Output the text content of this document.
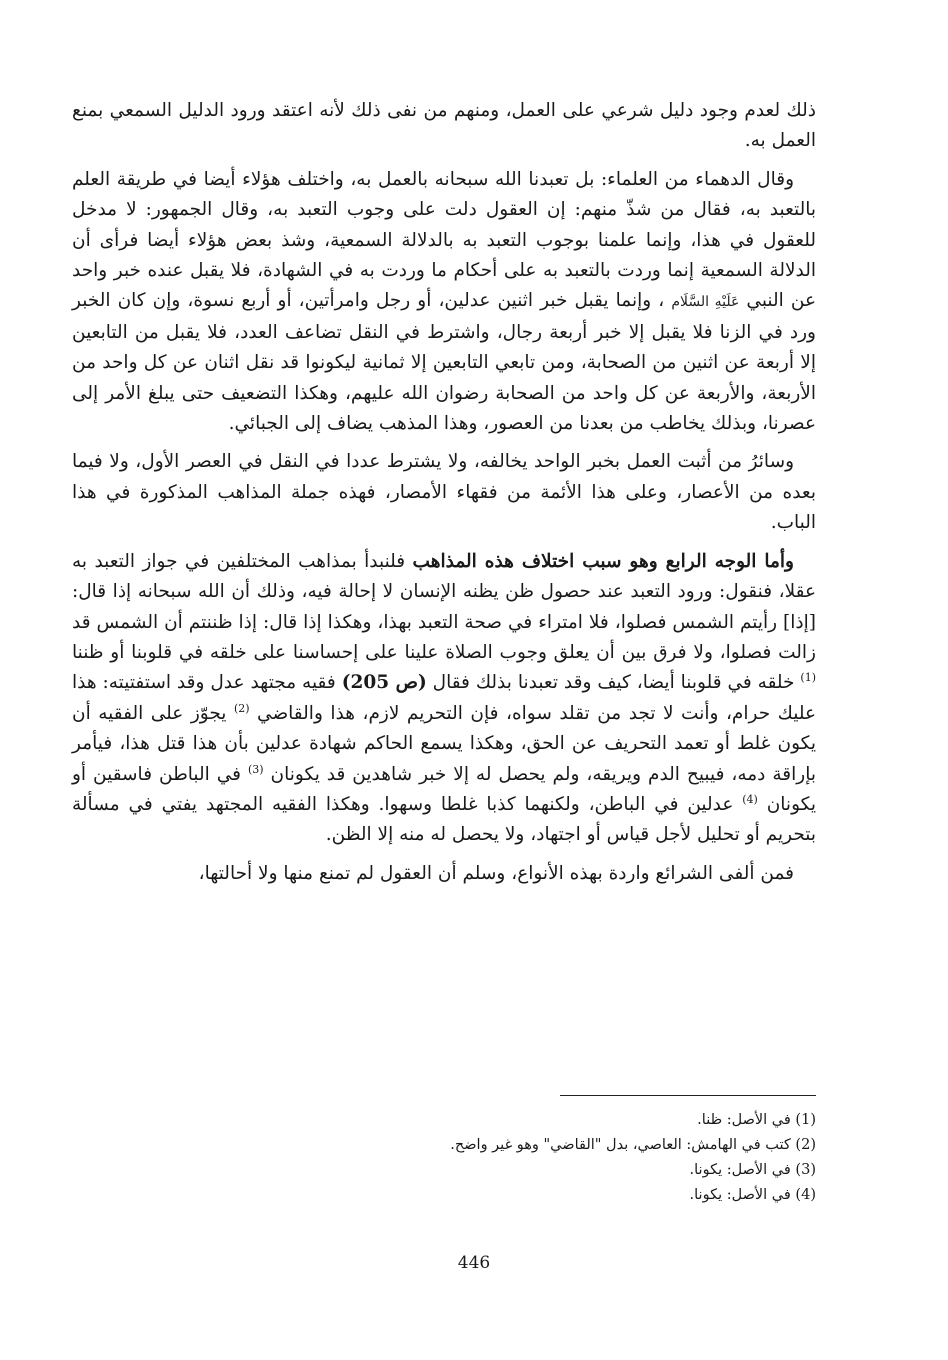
ذلك لعدم وجود دليل شرعي على العمل، ومنهم من نفى ذلك لأنه اعتقد ورود الدليل السمعي بمنع العمل به.

وقال الدهماء من العلماء: بل تعبدنا الله سبحانه بالعمل به، واختلف هؤلاء أيضا في طريقة العلم بالتعبد به، فقال من شذّ منهم: إن العقول دلت على وجوب التعبد به، وقال الجمهور: لا مدخل للعقول في هذا، وإنما علمنا بوجوب التعبد به بالدلالة السمعية، وشذ بعض هؤلاء أيضا فرأى أن الدلالة السمعية إنما وردت بالتعبد به على أحكام ما وردت به في الشهادة، فلا يقبل عنده خبر واحد عن النبي عَلَيْهِ السَّلَام ، وإنما يقبل خبر اثنين عدلين، أو رجل وامرأتين، أو أربع نسوة، وإن كان الخبر ورد في الزنا فلا يقبل إلا خبر أربعة رجال، واشترط في النقل تضاعف العدد، فلا يقبل من التابعين إلا أربعة عن اثنين من الصحابة، ومن تابعي التابعين إلا ثمانية ليكونوا قد نقل اثنان عن كل واحد من الأربعة، والأربعة عن كل واحد من الصحابة رضوان الله عليهم، وهكذا التضعيف حتى يبلغ الأمر إلى عصرنا، وبذلك يخاطب من بعدنا من العصور، وهذا المذهب يضاف إلى الجبائي.

وسائرُ من أثبت العمل بخبر الواحد يخالفه، ولا يشترط عددا في النقل في العصر الأول، ولا فيما بعده من الأعصار، وعلى هذا الأئمة من فقهاء الأمصار، فهذه جملة المذاهب المذكورة في هذا الباب.

وأما الوجه الرابع وهو سبب اختلاف هذه المذاهب فلنبدأ بمذاهب المختلفين في جواز التعبد به عقلا، فنقول: ورود التعبد عند حصول ظن يظنه الإنسان لا إحالة فيه، وذلك أن الله سبحانه إذا قال: [إذا] رأيتم الشمس فصلوا، فلا امتراء في صحة التعبد بهذا، وهكذا إذا قال: إذا ظننتم أن الشمس قد زالت فصلوا، ولا فرق بين أن يعلق وجوب الصلاة علينا على إحساسنا على خلقه في قلوبنا أو ظننا $^{(1)}$ خلقه في قلوبنا أيضا، كيف وقد تعبدنا بذلك فقال (ص 205) فقيه مجتهد عدل وقد استفتيته: هذا عليك حرام، وأنت لا تجد من تقلد سواه، فإن التحريم لازم، هذا والقاضي $^{(2)}$ يجوّز على الفقيه أن يكون غلط أو تعمد التحريف عن الحق، وهكذا يسمع الحاكم شهادة عدلين بأن هذا قتل هذا، فيأمر بإراقة دمه، فيبيح الدم ويريقه، ولم يحصل له إلا خبر شاهدين قد يكونان $^{(3)}$ في الباطن فاسقين أو يكونان $^{(4)}$ عدلين في الباطن، ولكنهما كذبا غلطا وسهوا. وهكذا الفقيه المجتهد يفتي في مسألة بتحريم أو تحليل لأجل قياس أو اجتهاد، ولا يحصل له منه إلا الظن.

فمن ألفى الشرائع واردة بهذه الأنواع، وسلم أن العقول لم تمنع منها ولا أحالتها،

(1) في الأصل: ظنا.

(2) كتب في الهامش: العاصي، بدل "القاضي" وهو غير واضح.

(3) في الأصل: يكونا.

(4) في الأصل: يكونا.

446
